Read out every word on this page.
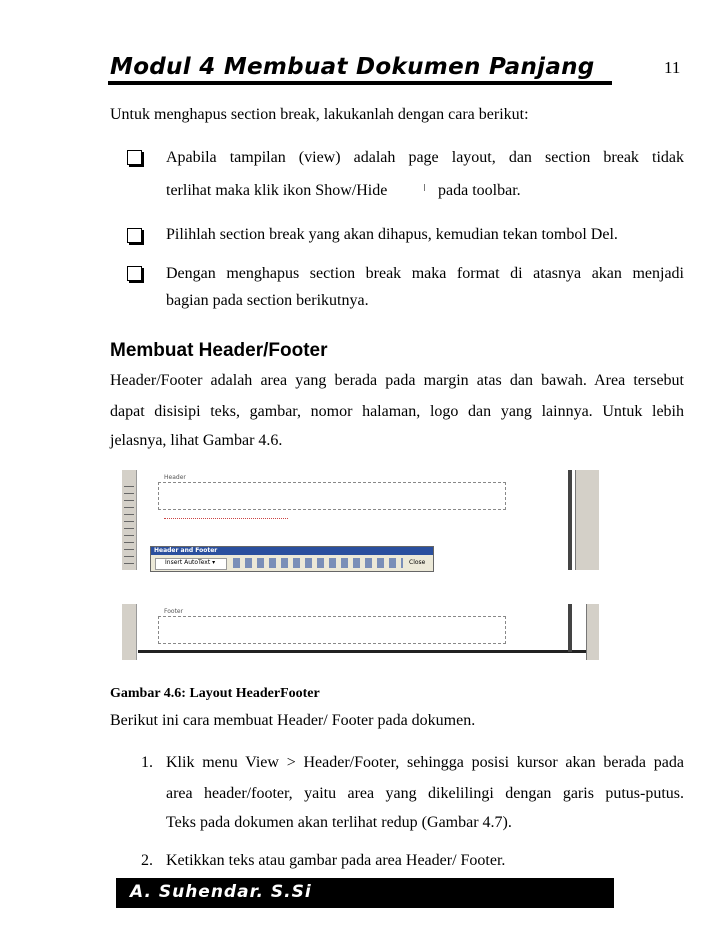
Modul 4 Membuat Dokumen Panjang	11
Untuk menghapus section break, lakukanlah dengan cara berikut:
Apabila tampilan (view) adalah page layout, dan section break tidak
terlihat maka klik ikon Show/Hide	pada toolbar.
Pilihlah section break yang akan dihapus, kemudian tekan tombol Del.
Dengan menghapus section break maka format di atasnya akan menjadi
bagian pada section berikutnya.
Membuat Header/Footer
Header/Footer adalah area yang berada pada margin atas dan bawah. Area tersebut
dapat disisipi teks, gambar, nomor halaman, logo dan yang lainnya. Untuk lebih
jelasnya, lihat Gambar 4.6.
Header
Header and Footer
Insert AutoText ▾	Close
Footer
Gambar 4.6: Layout HeaderFooter
Berikut ini cara membuat Header/ Footer pada dokumen.
1. Klik menu View > Header/Footer, sehingga posisi kursor akan berada pada
area header/footer, yaitu area yang dikelilingi dengan garis putus-putus.
Teks pada dokumen akan terlihat redup (Gambar 4.7).
2. Ketikkan teks atau gambar pada area Header/ Footer.
A. Suhendar. S.Si
